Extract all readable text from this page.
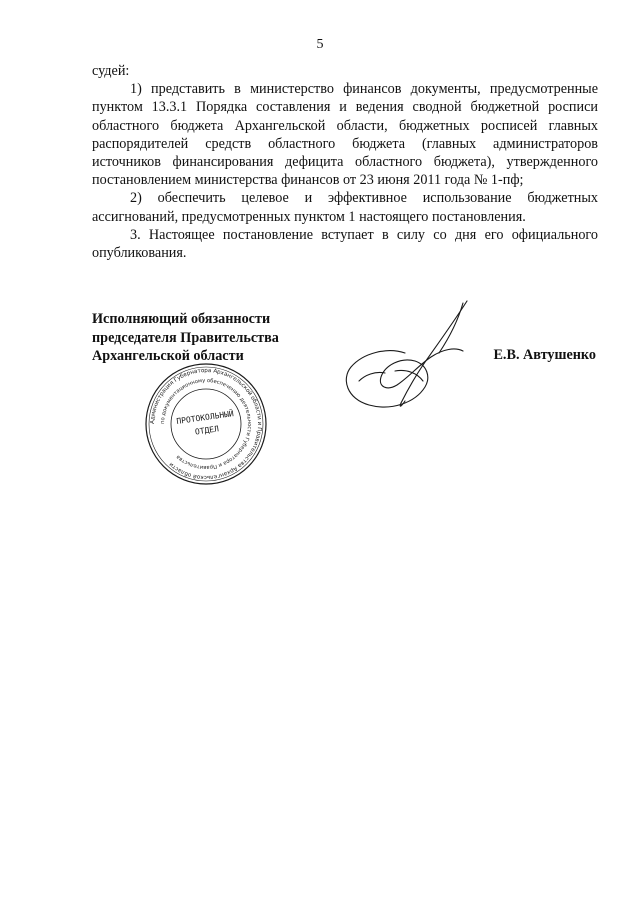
5

судей:

1) представить в министерство финансов документы, предусмотренные пунктом 13.3.1 Порядка составления и ведения сводной бюджетной росписи областного бюджета Архангельской области, бюджетных росписей главных распорядителей средств областного бюджета (главных администраторов источников финансирования дефицита областного бюджета), утвержденного постановлением министерства финансов от 23 июня 2011 года № 1-пф;

2) обеспечить целевое и эффективное использование бюджетных ассигнований, предусмотренных пунктом 1 настоящего постановления.

3. Настоящее постановление вступает в силу со дня его официального опубликования.

Исполняющий обязанности
председателя Правительства
Архангельской области	Е.В. Автушенко
Администрация Губернатора Архангельской области и Правительства Архангельской области
по документационному обеспечению деятельности Губернатора и Правительства
ПРОТОКОЛЬНЫЙ
ОТДЕЛ
